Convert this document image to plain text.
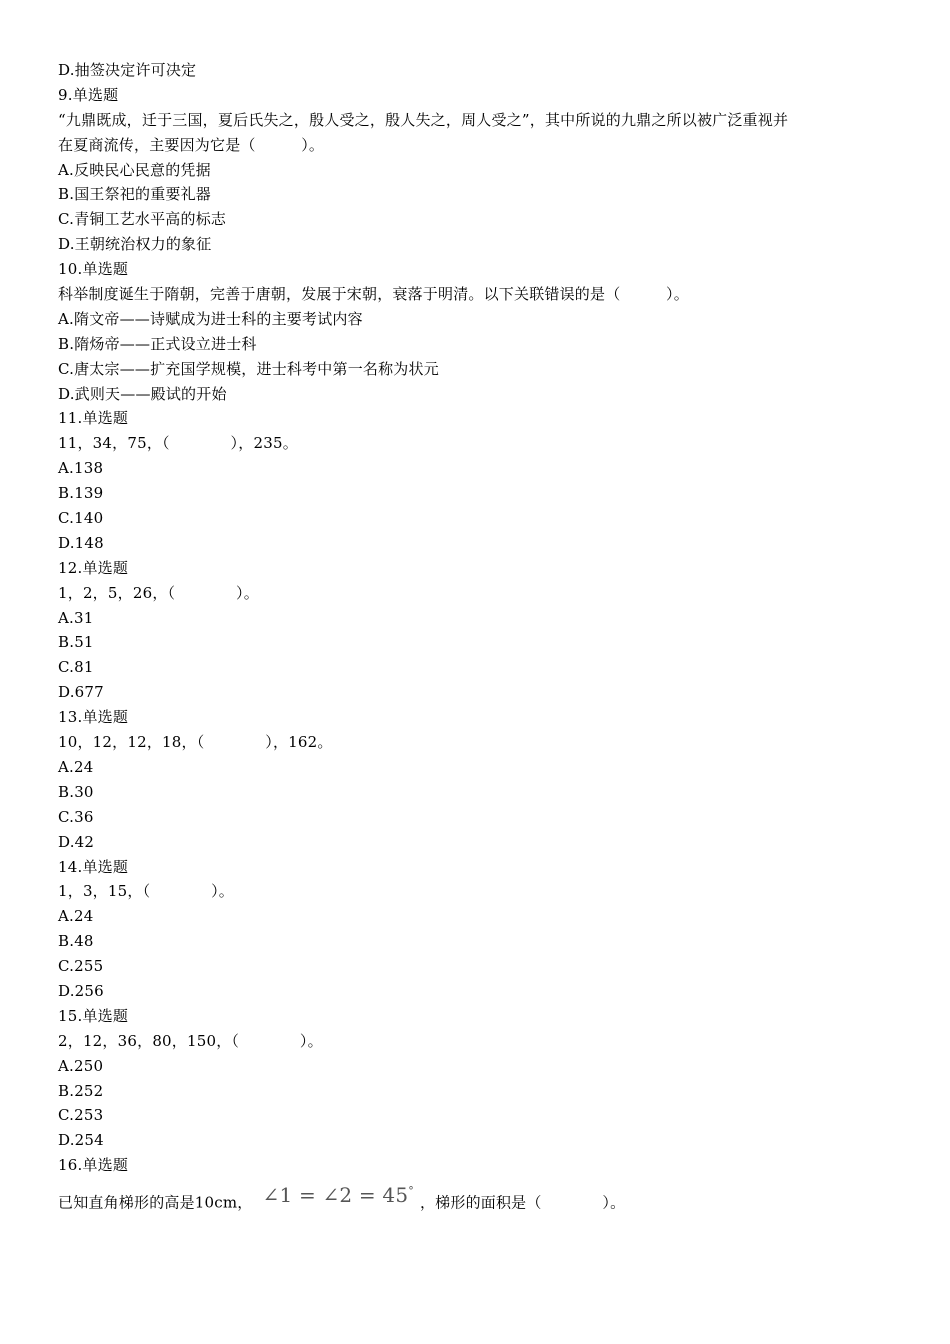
D.抽签决定许可决定
9.单选题
“九鼎既成，迁于三国，夏后氏失之，殷人受之，殷人失之，周人受之”，其中所说的九鼎之所以被广泛重视并
在夏商流传，主要因为它是（　　　）。
A.反映民心民意的凭据
B.国王祭祀的重要礼器
C.青铜工艺水平高的标志
D.王朝统治权力的象征
10.单选题
科举制度诞生于隋朝，完善于唐朝，发展于宋朝，衰落于明清。以下关联错误的是（　　　）。
A.隋文帝——诗赋成为进士科的主要考试内容
B.隋炀帝——正式设立进士科
C.唐太宗——扩充国学规模，进士科考中第一名称为状元
D.武则天——殿试的开始
11.单选题
11，34，75，（　　　　），235。
A.138
B.139
C.140
D.148
12.单选题
1，2，5，26，（　　　　）。
A.31
B.51
C.81
D.677
13.单选题
10，12，12，18，（　　　　），162。
A.24
B.30
C.36
D.42
14.单选题
1，3，15，（　　　　）。
A.24
B.48
C.255
D.256
15.单选题
2，12，36，80，150，（　　　　）。
A.250
B.252
C.253
D.254
16.单选题
已知直角梯形的高是10cm， ∠1 = ∠2 = 45°，梯形的面积是（　　　　）。
